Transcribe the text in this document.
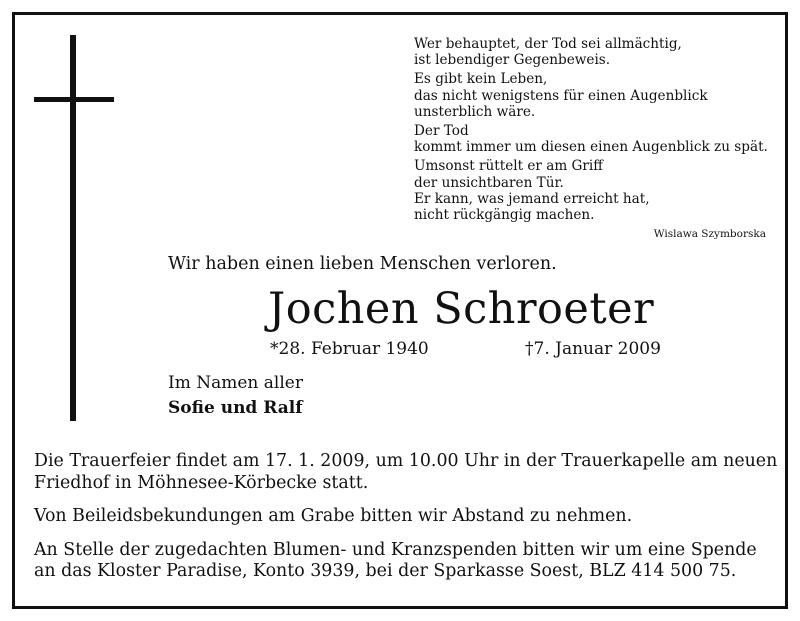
Wer behauptet, der Tod sei allmächtig,
ist lebendiger Gegenbeweis.
Es gibt kein Leben,
das nicht wenigstens für einen Augenblick
unsterblich wäre.
Der Tod
kommt immer um diesen einen Augenblick zu spät.
Umsonst rüttelt er am Griff
der unsichtbaren Tür.
Er kann, was jemand erreicht hat,
nicht rückgängig machen.
Wislawa Szymborska
Wir haben einen lieben Menschen verloren.
Jochen Schroeter
*28. Februar 1940	†7. Januar 2009
Im Namen aller
Sofie und Ralf

Die Trauerfeier findet am 17. 1. 2009, um 10.00 Uhr in der Trauerkapelle am neuen
Friedhof in Möhnesee-Körbecke statt.

Von Beileidsbekundungen am Grabe bitten wir Abstand zu nehmen.

An Stelle der zugedachten Blumen- und Kranzspenden bitten wir um eine Spende
an das Kloster Paradise, Konto 3939, bei der Sparkasse Soest, BLZ 414 500 75.
